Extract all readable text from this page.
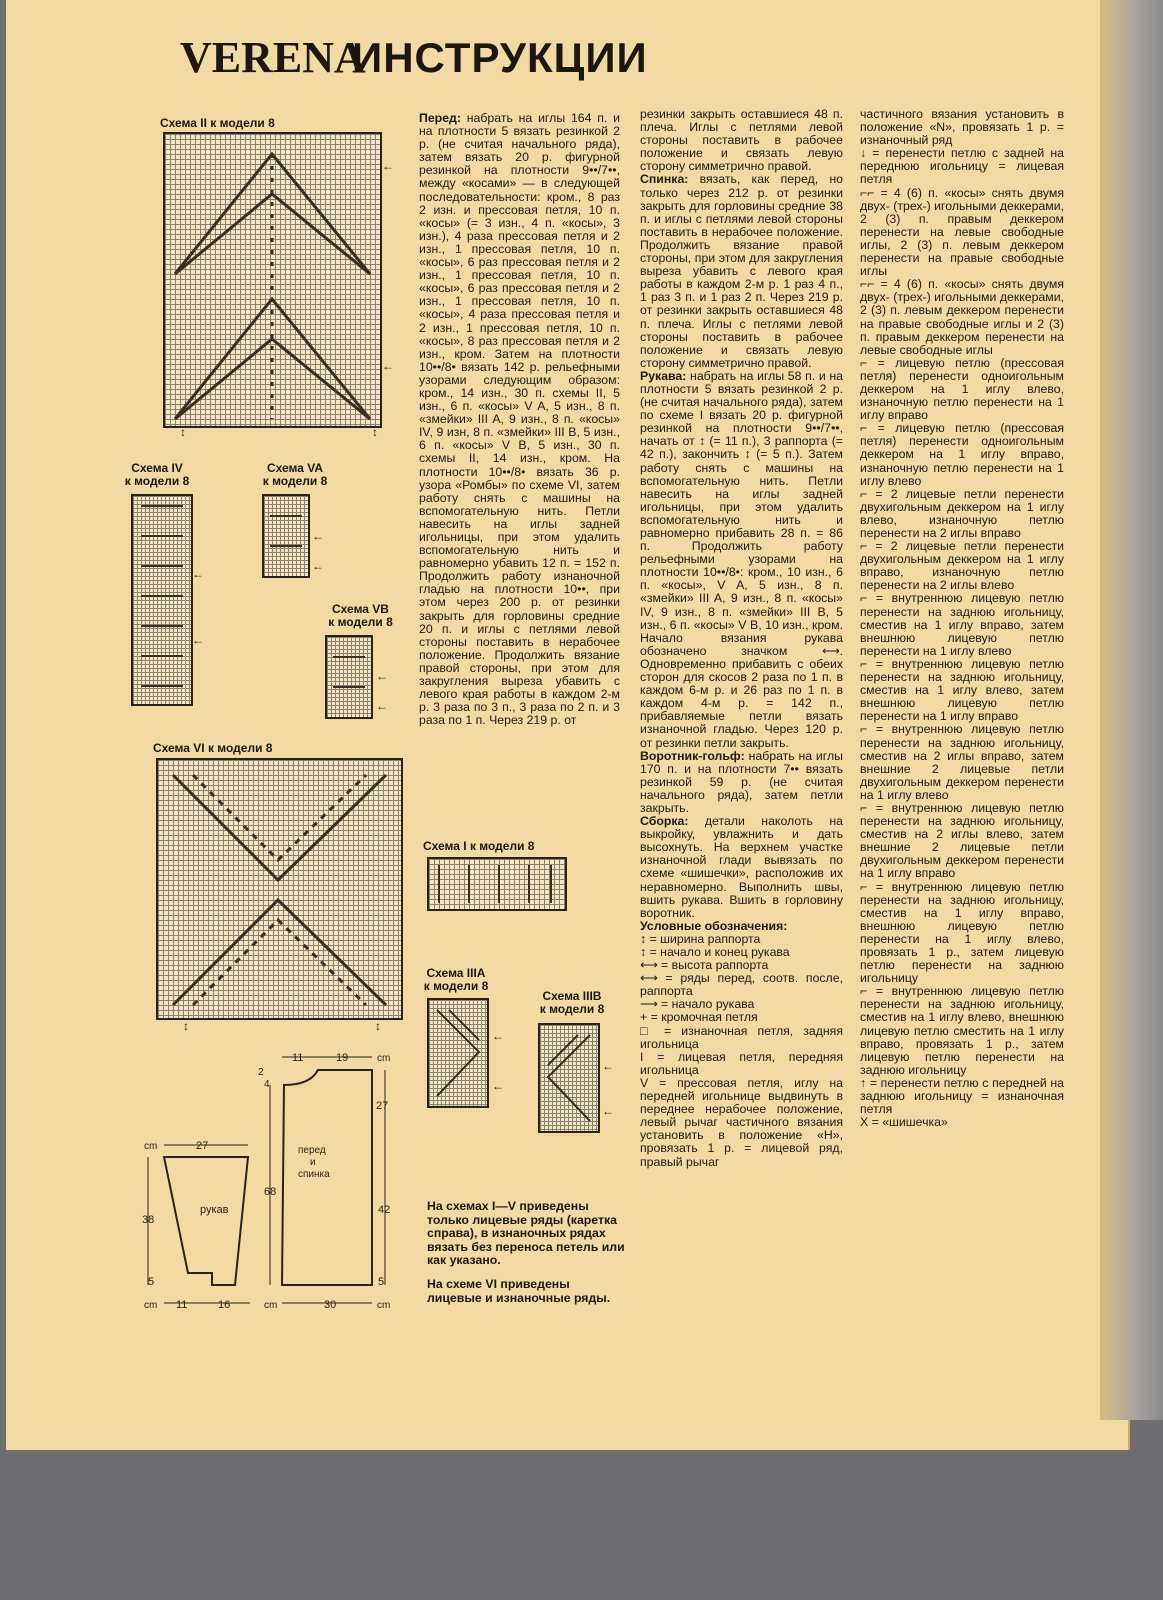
VERENA
ИНСТРУКЦИИ
Схема II к модели 8
↕	↕
←
←
Схема IV
к модели 8
←
←
Схема VA
к модели 8
←
←
Схема VB
к модели 8
←
←
Схема VI к модели 8
↕	↕
Схема I к модели 8
Схема IIIA
к модели 8
←
←
Схема IIIB
к модели 8
←
←
cm	27
38
5
cm 11	16
рукав
11	19	cm
2
4
27
68
42
5
cm	30	cm
перед
и
спинка
На схемах I—V приведены только лицевые ряды (каретка справа), в изнаночных рядах вязать без переноса петель или как указано.
На схеме VI приведены лицевые и изнаночные ряды.

Перед: набрать на иглы 164 п. и на плотности 5 вязать резинкой 2 р. (не считая начального ряда), затем вязать 20 р. фигурной резинкой на плотности 9••/7••, между «косами» — в следующей последовательности: кром., 8 раз 2 изн. и прессовая петля, 10 п. «косы» (= 3 изн., 4 п. «косы», 3 изн.), 4 раза прессовая петля и 2 изн., 1 прессовая петля, 10 п. «косы», 6 раз прессовая петля и 2 изн., 1 прессовая петля, 10 п. «косы», 6 раз прессовая петля и 2 изн., 1 прессовая петля, 10 п. «косы», 4 раза прессовая петля и 2 изн., 1 прессовая петля, 10 п. «косы», 8 раз прессовая петля и 2 изн., кром. Затем на плотности 10••/8• вязать 142 р. рельефными узорами следующим образом: кром., 14 изн., 30 п. схемы II, 5 изн., 6 п. «косы» V A, 5 изн., 8 п. «змейки» III A, 9 изн., 8 п. «косы» IV, 9 изн, 8 п. «змейки» III B, 5 изн., 6 п. «косы» V B, 5 изн., 30 п. схемы II, 14 изн., кром. На плотности 10••/8• вязать 36 р. узора «Ромбы» по схеме VI, затем работу снять с машины на вспомогательную нить. Петли навесить на иглы задней игольницы, при этом удалить вспомогательную нить и равномерно убавить 12 п. = 152 п. Продолжить работу изнаночной гладью на плотности 10••, при этом через 200 р. от резинки закрыть для горловины средние 20 п. и иглы с петлями левой стороны поставить в нерабочее положение. Продолжить вязание правой стороны, при этом для закругления выреза убавить с левого края работы в каждом 2-м р. 3 раза по 3 п., 3 раза по 2 п. и 3 раза по 1 п. Через 219 р. от

резинки закрыть оставшиеся 48 п. плеча. Иглы с петлями левой стороны поставить в рабочее положение и связать левую сторону симметрично правой.

Спинка: вязать, как перед, но только через 212 р. от резинки закрыть для горловины средние 38 п. и иглы с петлями левой стороны поставить в нерабочее положение. Продолжить вязание правой стороны, при этом для закругления выреза убавить с левого края работы в каждом 2-м р. 1 раз 4 п., 1 раз 3 п. и 1 раз 2 п. Через 219 р. от резинки закрыть оставшиеся 48 п. плеча. Иглы с петлями левой стороны поставить в рабочее положение и связать левую сторону симметрично правой.

Рукава: набрать на иглы 58 п. и на плотности 5 вязать резинкой 2 р. (не считая начального ряда), затем по схеме I вязать 20 р. фигурной резинкой на плотности 9••/7••, начать от ↕ (= 11 п.), 3 раппорта (= 42 п.), закончить ↕ (= 5 п.). Затем работу снять с машины на вспомогательную нить. Петли навесить на иглы задней игольницы, при этом удалить вспомогательную нить и равномерно прибавить 28 п. = 86 п. Продолжить работу рельефными узорами на плотности 10••/8•: кром., 10 изн., 6 п. «косы», V A, 5 изн., 8 п. «змейки» III A, 9 изн., 8 п. «косы» IV, 9 изн., 8 п. «змейки» III B, 5 изн., 6 п. «косы» V B, 10 изн., кром. Начало вязания рукава обозначено значком ⟷. Одновременно прибавить с обеих сторон для скосов 2 раза по 1 п. в каждом 6-м р. и 26 раз по 1 п. в каждом 4-м р. = 142 п., прибавляемые петли вязать изнаночной гладью. Через 120 р. от резинки петли закрыть.

Воротник-гольф: набрать на иглы 170 п. и на плотности 7•• вязать резинкой 59 р. (не считая начального ряда), затем петли закрыть.

Сборка: детали наколоть на выкройку, увлажнить и дать высохнуть. На верхнем участке изнаночной глади вывязать по схеме «шишечки», расположив их неравномерно. Выполнить швы, вшить рукава. Вшить в горловину воротник.

Условные обозначения:

↕ = ширина раппорта
↕ = начало и конец рукава
⟷ = высота раппорта
⟷ = ряды перед, соотв. после, раппорта
⟶ = начало рукава
+ = кромочная петля
□ = изнаночная петля, задняя игольница
I = лицевая петля, передняя игольница
V = прессовая петля, иглу на передней игольнице выдвинуть в переднее нерабочее положение, левый рычаг частичного вязания установить в положение «Н», провязать 1 р. = лицевой ряд, правый рычаг

частичного вязания установить в положение «N», провязать 1 р. = изнаночный ряд

↓ = перенести петлю с задней на переднюю игольницу = лицевая петля
⌐⌐ = 4 (6) п. «косы» снять двумя двух- (трех-) игольными деккерами, 2 (3) п. правым деккером перенести на левые свободные иглы, 2 (3) п. левым деккером перенести на правые свободные иглы
⌐⌐ = 4 (6) п. «косы» снять двумя двух- (трех-) игольными деккерами, 2 (3) п. левым деккером перенести на правые свободные иглы и 2 (3) п. правым деккером перенести на левые свободные иглы
⌐ = лицевую петлю (прессовая петля) перенести одноигольным деккером на 1 иглу влево, изнаночную петлю перенести на 1 иглу вправо
⌐ = лицевую петлю (прессовая петля) перенести одноигольным деккером на 1 иглу вправо, изнаночную петлю перенести на 1 иглу влево
⌐ = 2 лицевые петли перенести двухигольным деккером на 1 иглу влево, изнаночную петлю перенести на 2 иглы вправо
⌐ = 2 лицевые петли перенести двухигольным деккером на 1 иглу вправо, изнаночную петлю перенести на 2 иглы влево
⌐ = внутреннюю лицевую петлю перенести на заднюю игольницу, сместив на 1 иглу вправо, затем внешнюю лицевую петлю перенести на 1 иглу влево
⌐ = внутреннюю лицевую петлю перенести на заднюю игольницу, сместив на 1 иглу влево, затем внешнюю лицевую петлю перенести на 1 иглу вправо
⌐ = внутреннюю лицевую петлю перенести на заднюю игольницу, сместив на 2 иглы вправо, затем внешние 2 лицевые петли двухигольным деккером перенести на 1 иглу влево
⌐ = внутреннюю лицевую петлю перенести на заднюю игольницу, сместив на 2 иглы влево, затем внешние 2 лицевые петли двухигольным деккером перенести на 1 иглу вправо
⌐ = внутреннюю лицевую петлю перенести на заднюю игольницу, сместив на 1 иглу вправо, внешнюю лицевую петлю перенести на 1 иглу влево, провязать 1 р., затем лицевую петлю перенести на заднюю игольницу
⌐ = внутреннюю лицевую петлю перенести на заднюю игольницу, сместив на 1 иглу влево, внешнюю лицевую петлю сместить на 1 иглу вправо, провязать 1 р., затем лицевую петлю перенести на заднюю игольницу
↑ = перенести петлю с передней на заднюю игольницу = изнаночная петля
X = «шишечка»
